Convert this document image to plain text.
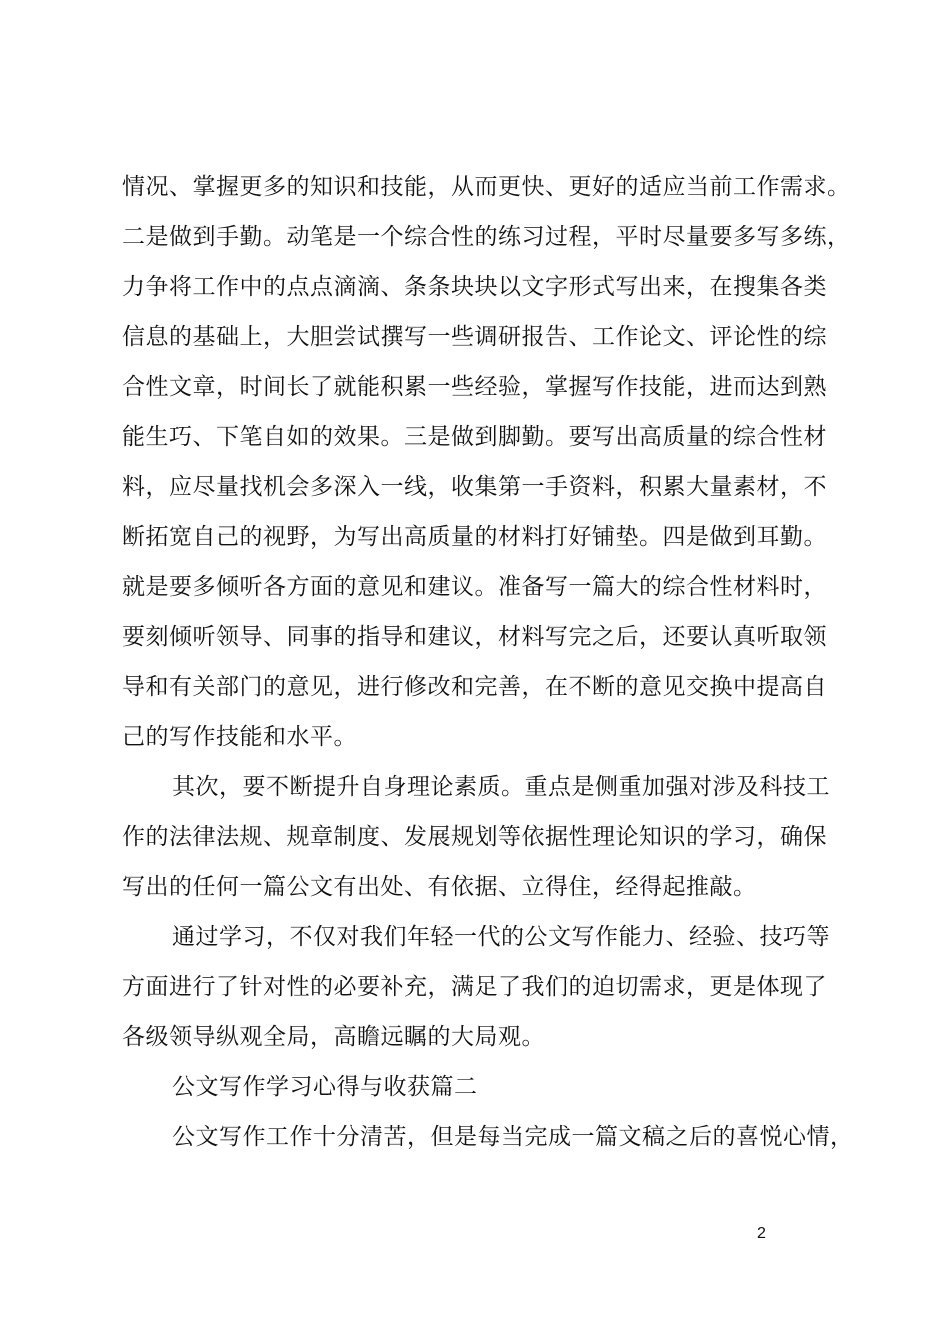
情况、掌握更多的知识和技能，从而更快、更好的适应当前工作需求。
二是做到手勤。动笔是一个综合性的练习过程，平时尽量要多写多练，
力争将工作中的点点滴滴、条条块块以文字形式写出来，在搜集各类
信息的基础上，大胆尝试撰写一些调研报告、工作论文、评论性的综
合性文章，时间长了就能积累一些经验，掌握写作技能，进而达到熟
能生巧、下笔自如的效果。三是做到脚勤。要写出高质量的综合性材
料，应尽量找机会多深入一线，收集第一手资料，积累大量素材，不
断拓宽自己的视野，为写出高质量的材料打好铺垫。四是做到耳勤。
就是要多倾听各方面的意见和建议。准备写一篇大的综合性材料时，
要刻倾听领导、同事的指导和建议，材料写完之后，还要认真听取领
导和有关部门的意见，进行修改和完善，在不断的意见交换中提高自
己的写作技能和水平。
其次，要不断提升自身理论素质。重点是侧重加强对涉及科技工
作的法律法规、规章制度、发展规划等依据性理论知识的学习，确保
写出的任何一篇公文有出处、有依据、立得住，经得起推敲。
通过学习，不仅对我们年轻一代的公文写作能力、经验、技巧等
方面进行了针对性的必要补充，满足了我们的迫切需求，更是体现了
各级领导纵观全局，高瞻远瞩的大局观。
公文写作学习心得与收获篇二
公文写作工作十分清苦，但是每当完成一篇文稿之后的喜悦心情，
2
